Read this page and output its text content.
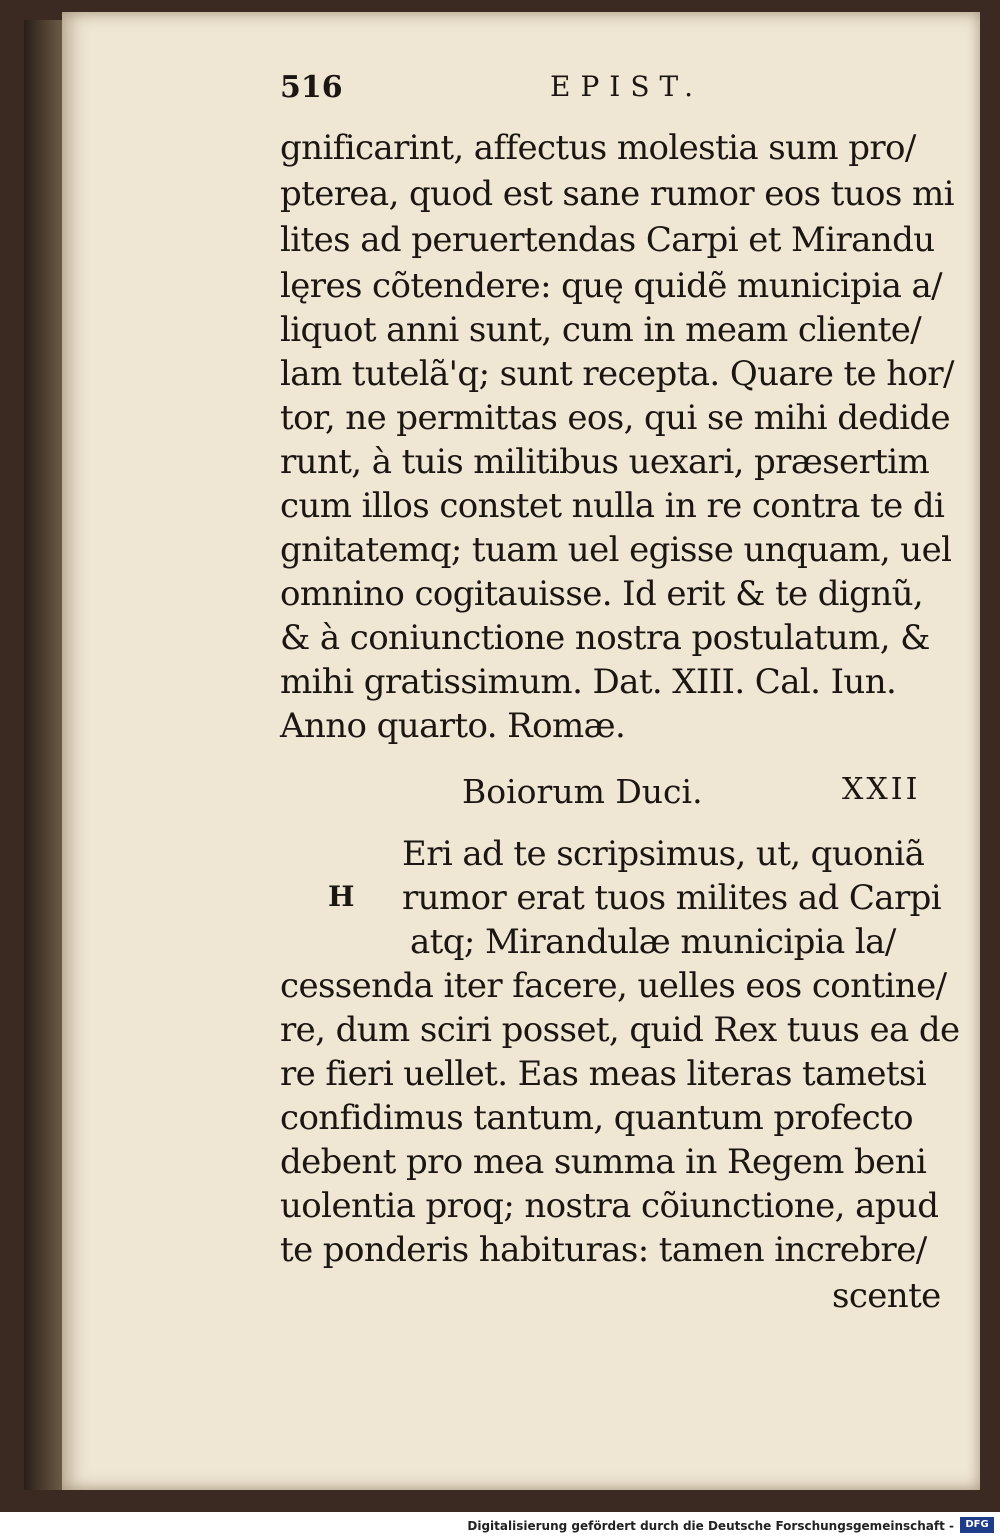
516	EPIST.
gnificarint, affectus molestia sum pro/
pterea, quod est sane rumor eos tuos mi
lites ad peruertendas Carpi et Mirandu
lęres cõtendere: quę quidẽ municipia a/
liquot anni sunt, cum in meam cliente/
lam tutelã'q; sunt recepta. Quare te hor/
tor, ne permittas eos, qui se mihi dedide
runt, à tuis militibus uexari, præsertim
cum illos constet nulla in re contra te di
gnitatemq; tuam uel egisse unquam, uel
omnino cogitauisse. Id erit & te dignũ,
& à coniunctione nostra postulatum, &
mihi gratissimum. Dat. XIII. Cal. Iun.
Anno quarto. Romæ.
Boiorum Duci.	XXII
H
Eri ad te scripsimus, ut, quoniã
rumor erat tuos milites ad Carpi
atq; Mirandulæ municipia la/
cessenda iter facere, uelles eos contine/
re, dum sciri posset, quid Rex tuus ea de
re fieri uellet. Eas meas literas tametsi
confidimus tantum, quantum profecto
debent pro mea summa in Regem beni
uolentia proq; nostra cõiunctione, apud
te ponderis habituras: tamen increbre/
scente
Digitalisierung gefördert durch die Deutsche Forschungsgemeinschaft -	DFG
